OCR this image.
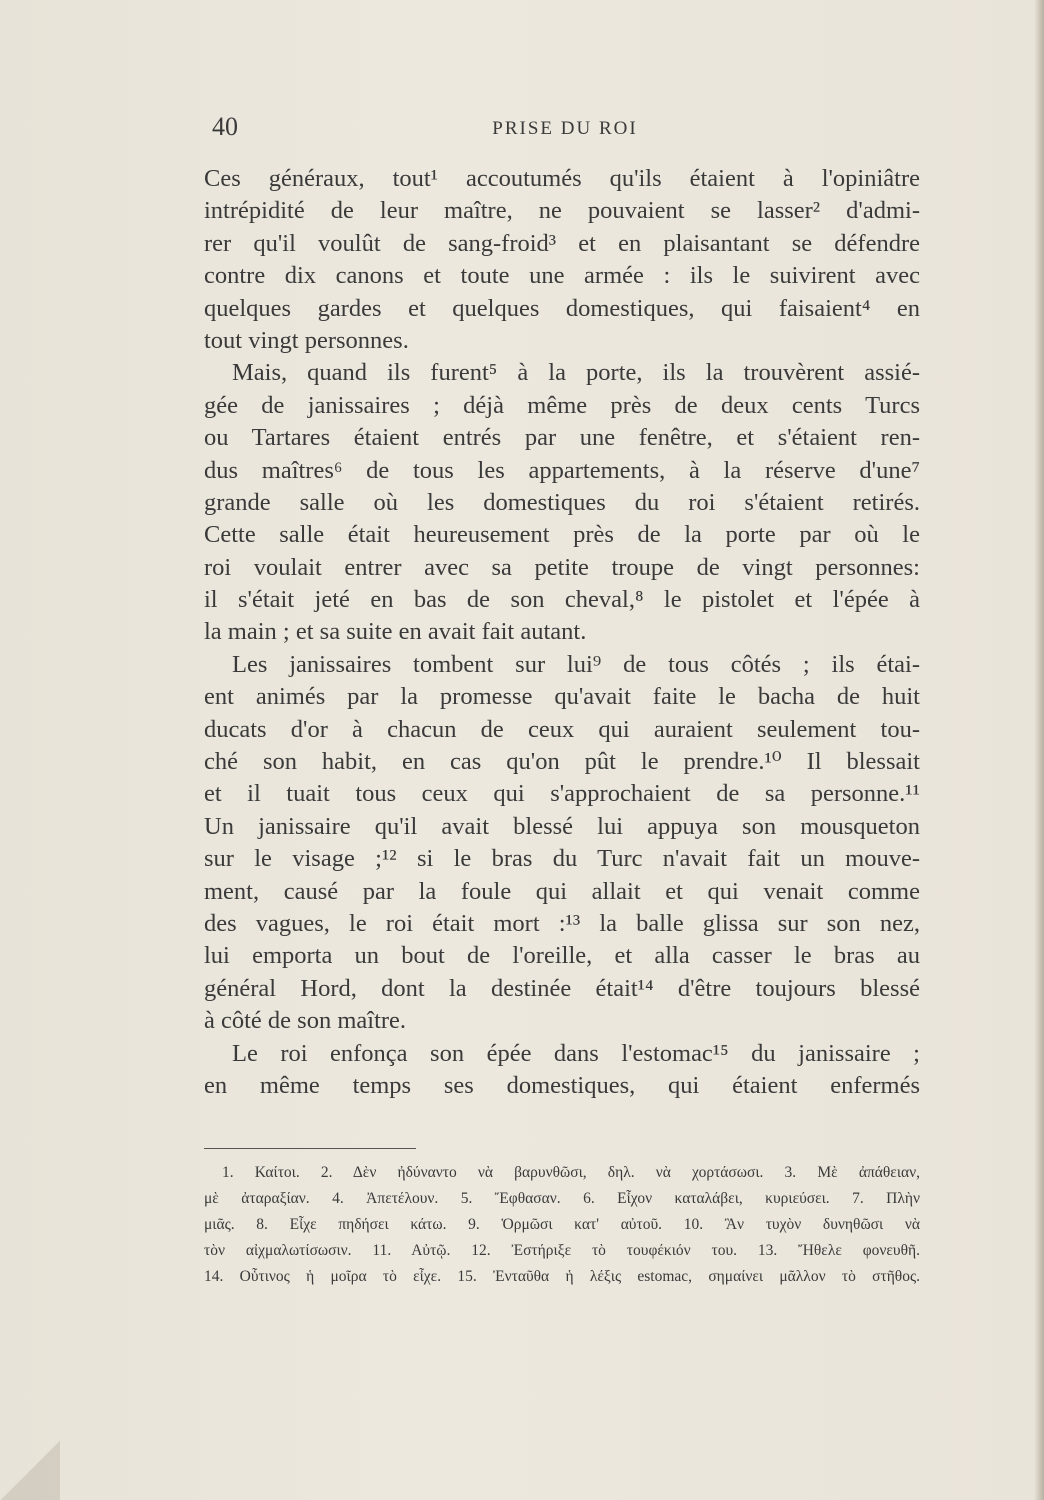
40	PRISE DU ROI
Ces généraux, tout¹ accoutumés qu'ils étaient à l'opiniâtre
intrépidité de leur maître, ne pouvaient se lasser² d'admi-
rer qu'il voulût de sang-froid³ et en plaisantant se défendre
contre dix canons et toute une armée : ils le suivirent avec
quelques gardes et quelques domestiques, qui faisaient⁴ en
tout vingt personnes.
Mais, quand ils furent⁵ à la porte, ils la trouvèrent assié-
gée de janissaires ; déjà même près de deux cents Turcs
ou Tartares étaient entrés par une fenêtre, et s'étaient ren-
dus maîtres⁶ de tous les appartements, à la réserve d'une⁷
grande salle où les domestiques du roi s'étaient retirés.
Cette salle était heureusement près de la porte par où le
roi voulait entrer avec sa petite troupe de vingt personnes:
il s'était jeté en bas de son cheval,⁸ le pistolet et l'épée à
la main ; et sa suite en avait fait autant.
Les janissaires tombent sur lui⁹ de tous côtés ; ils étai-
ent animés par la promesse qu'avait faite le bacha de huit
ducats d'or à chacun de ceux qui auraient seulement tou-
ché son habit, en cas qu'on pût le prendre.¹⁰ Il blessait
et il tuait tous ceux qui s'approchaient de sa personne.¹¹
Un janissaire qu'il avait blessé lui appuya son mousqueton
sur le visage ;¹² si le bras du Turc n'avait fait un mouve-
ment, causé par la foule qui allait et qui venait comme
des vagues, le roi était mort :¹³ la balle glissa sur son nez,
lui emporta un bout de l'oreille, et alla casser le bras au
général Hord, dont la destinée était¹⁴ d'être toujours blessé
à côté de son maître.
Le roi enfonça son épée dans l'estomac¹⁵ du janissaire ;
en même temps ses domestiques, qui étaient enfermés
1. Καίτοι. 2. Δὲν ἠδύναντο νὰ βαρυνθῶσι, δηλ. νὰ χορτάσωσι. 3. Μὲ ἀπάθειαν,
μὲ ἀταραξίαν. 4. Ἀπετέλουν. 5. Ἔφθασαν. 6. Εἶχον καταλάβει, κυριεύσει. 7. Πλὴν
μιᾶς. 8. Εἶχε πηδήσει κάτω. 9. Ὁρμῶσι κατ' αὐτοῦ. 10. Ἂν τυχὸν δυνηθῶσι νὰ
τὸν αἰχμαλωτίσωσιν. 11. Αὐτῷ. 12. Ἐστήριξε τὸ τουφέκιόν του. 13. Ἤθελε φονευθῆ.
14. Οὗτινος ἡ μοῖρα τὸ εἶχε. 15. Ἐνταῦθα ἡ λέξις estomac, σημαίνει μᾶλλον τὸ στῆθος.
